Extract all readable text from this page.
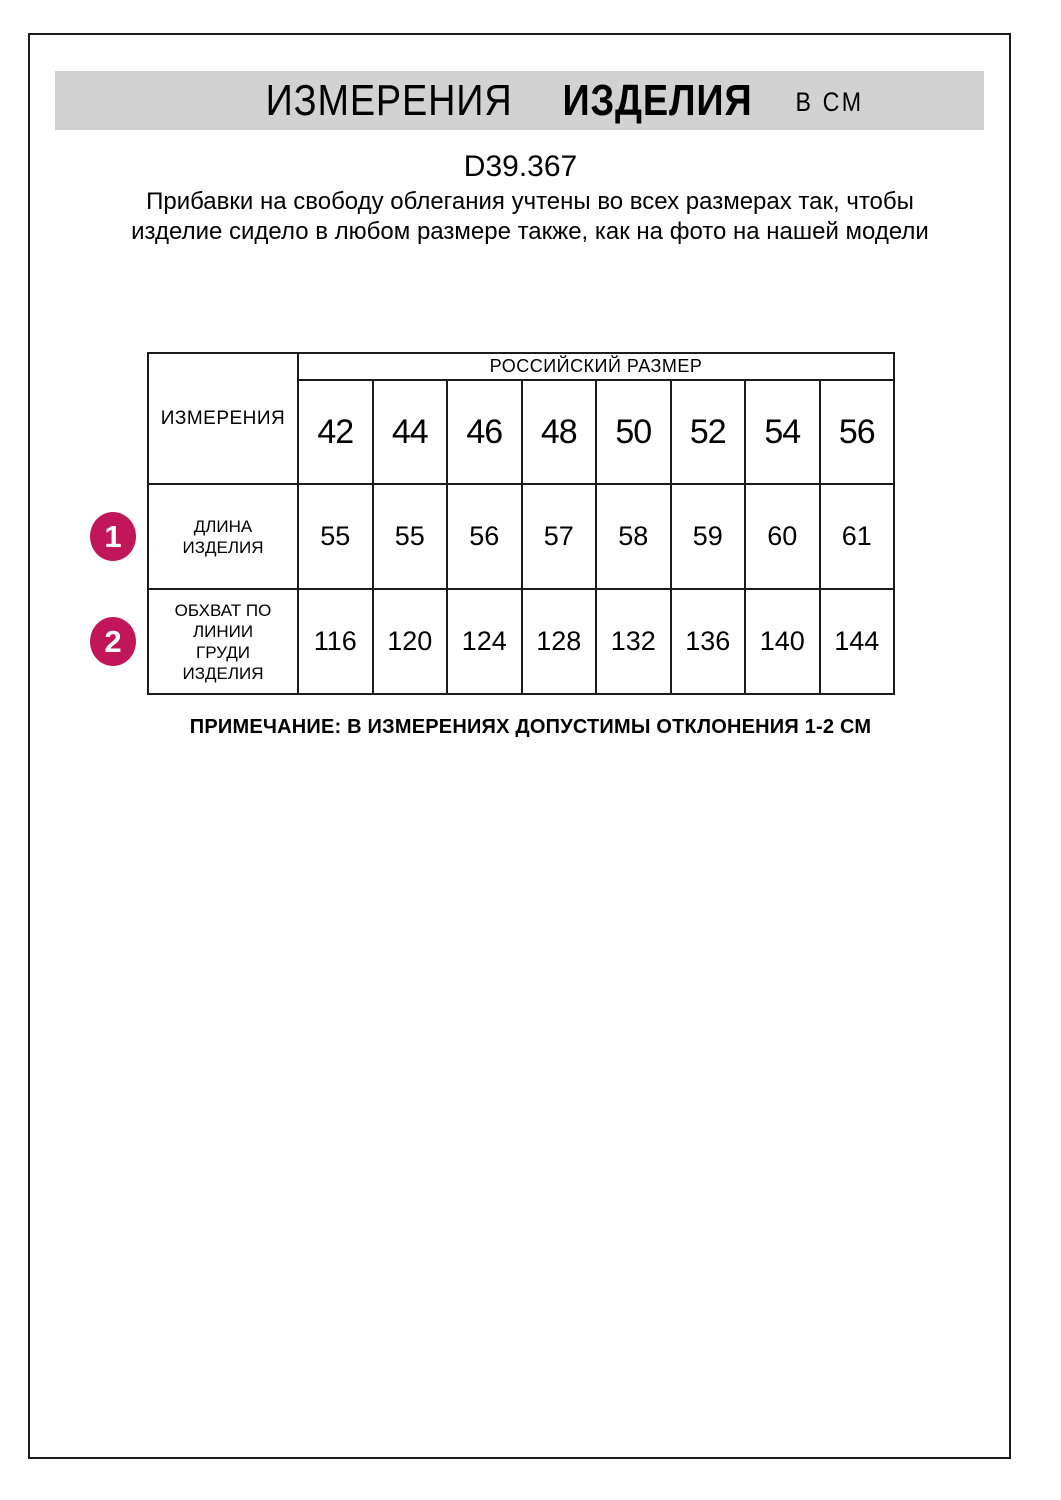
ИЗМЕРЕНИЯ ИЗДЕЛИЯ В СМ
D39.367
Прибавки на свободу облегания учтены во всех размерах так, чтобы изделие сидело в любом размере также, как на фото на нашей модели
ИЗМЕРЕНИЯ	РОССИЙСКИЙ РАЗМЕР							
	42	44	46	48	50	52	54	56
ДЛИНА ИЗДЕЛИЯ	55	55	56	57	58	59	60	61
ОБХВАТ ПО ЛИНИИ ГРУДИ ИЗДЕЛИЯ	116	120	124	128	132	136	140	144
1
2
ПРИМЕЧАНИЕ: В ИЗМЕРЕНИЯХ ДОПУСТИМЫ ОТКЛОНЕНИЯ 1-2 СМ
